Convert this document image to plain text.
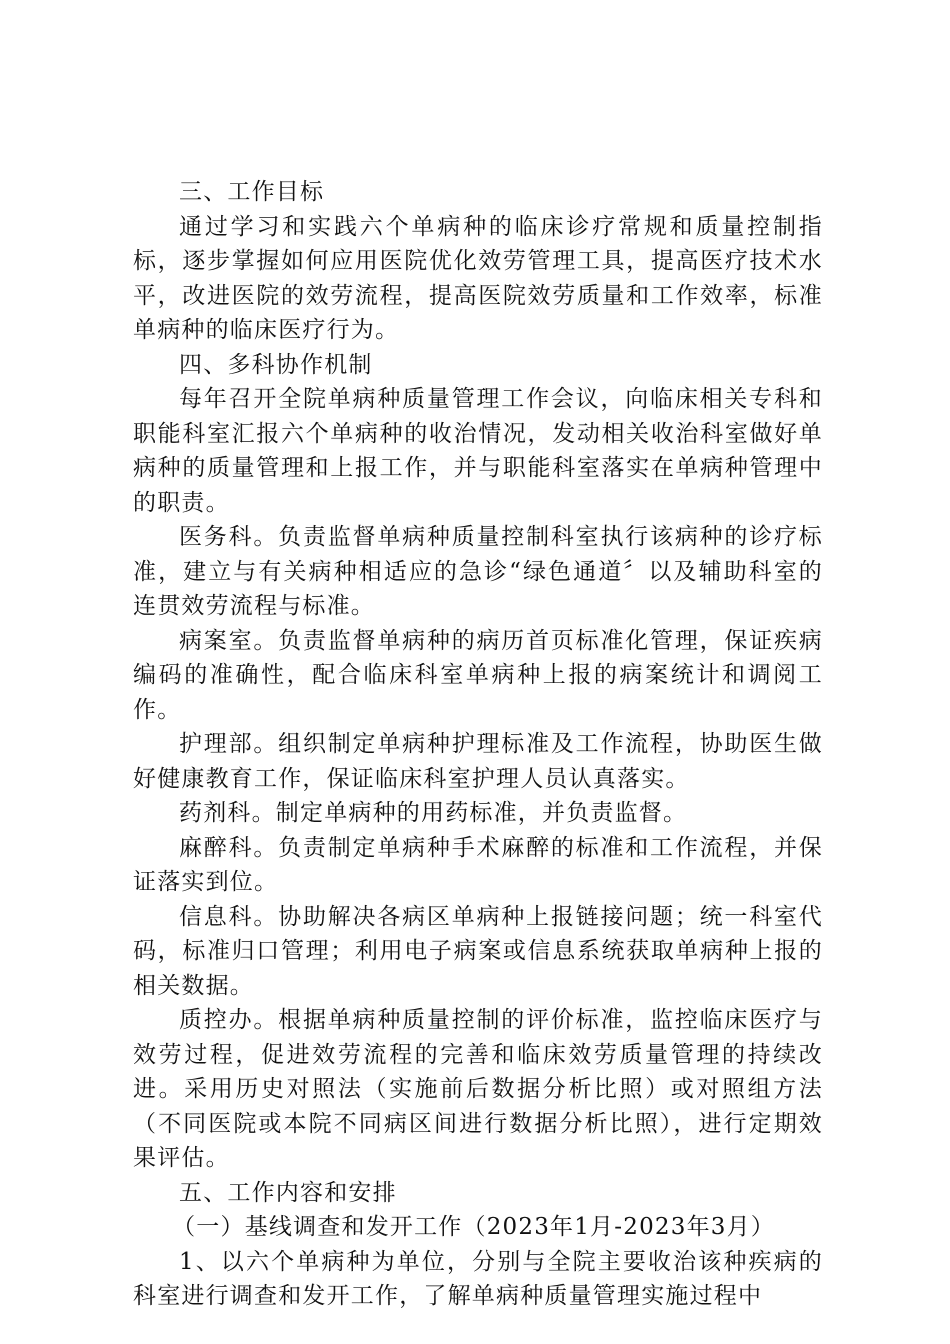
三、工作目标

通过学习和实践六个单病种的临床诊疗常规和质量控制指标，逐步掌握如何应用医院优化效劳管理工具，提高医疗技术水平，改进医院的效劳流程，提高医院效劳质量和工作效率，标准单病种的临床医疗行为。

四、多科协作机制

每年召开全院单病种质量管理工作会议，向临床相关专科和职能科室汇报六个单病种的收治情况，发动相关收治科室做好单病种的质量管理和上报工作，并与职能科室落实在单病种管理中的职责。

医务科。负责监督单病种质量控制科室执行该病种的诊疗标准，建立与有关病种相适应的急诊“绿色通道〞以及辅助科室的连贯效劳流程与标准。

病案室。负责监督单病种的病历首页标准化管理，保证疾病编码的准确性，配合临床科室单病种上报的病案统计和调阅工作。

护理部。组织制定单病种护理标准及工作流程，协助医生做好健康教育工作，保证临床科室护理人员认真落实。

药剂科。制定单病种的用药标准，并负责监督。

麻醉科。负责制定单病种手术麻醉的标准和工作流程，并保证落实到位。

信息科。协助解决各病区单病种上报链接问题；统一科室代码，标准归口管理；利用电子病案或信息系统获取单病种上报的相关数据。

质控办。根据单病种质量控制的评价标准，监控临床医疗与效劳过程，促进效劳流程的完善和临床效劳质量管理的持续改进。采用历史对照法（实施前后数据分析比照）或对照组方法（不同医院或本院不同病区间进行数据分析比照），进行定期效果评估。

五、工作内容和安排

（一）基线调查和发开工作（2023年1月-2023年3月）

1、以六个单病种为单位，分别与全院主要收治该种疾病的科室进行调查和发开工作，了解单病种质量管理实施过程中
